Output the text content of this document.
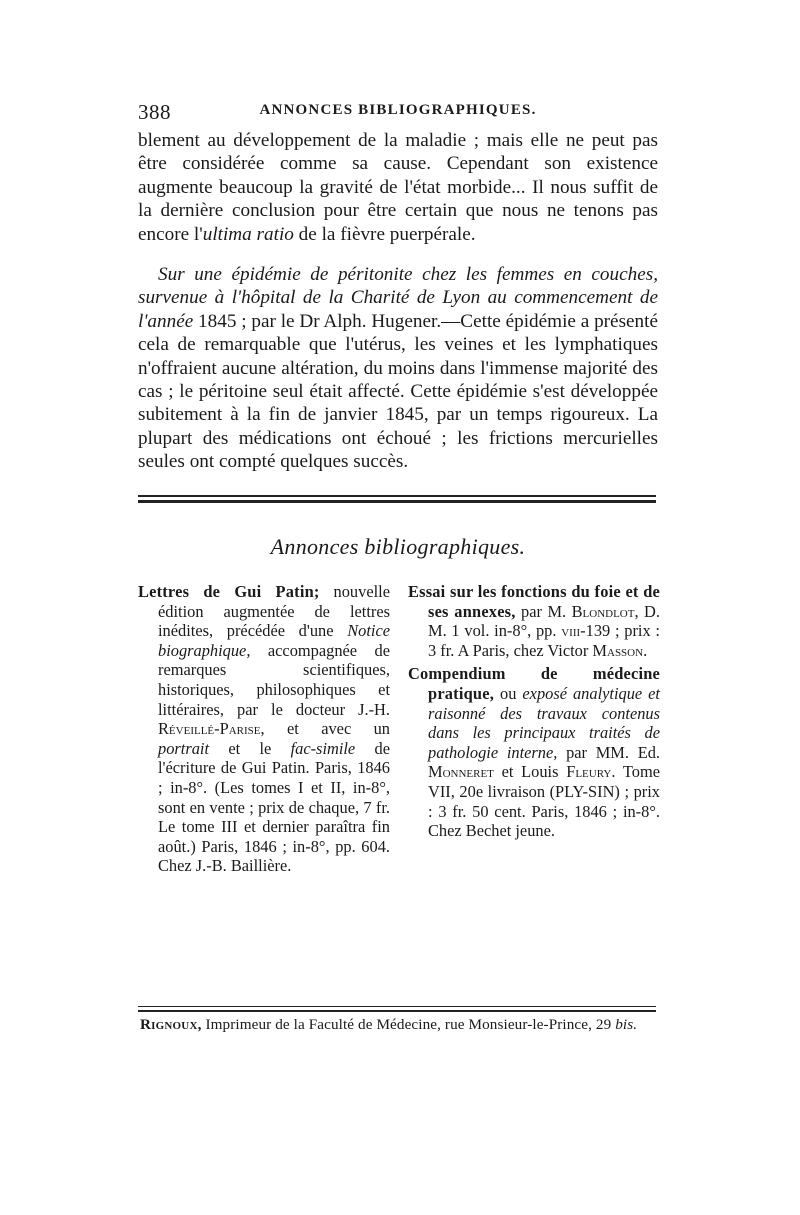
388	ANNONCES BIBLIOGRAPHIQUES.
blement au développement de la maladie ; mais elle ne peut pas être considérée comme sa cause. Cependant son existence augmente beaucoup la gravité de l'état morbide... Il nous suffit de la dernière conclusion pour être certain que nous ne tenons pas encore l'ultima ratio de la fièvre puerpérale.
Sur une épidémie de péritonite chez les femmes en couches, survenue à l'hôpital de la Charité de Lyon au commencement de l'année 1845 ; par le Dr Alph. Hugener.—Cette épidémie a présenté cela de remarquable que l'utérus, les veines et les lymphatiques n'offraient aucune altération, du moins dans l'immense majorité des cas ; le péritoine seul était affecté. Cette épidémie s'est développée subitement à la fin de janvier 1845, par un temps rigoureux. La plupart des médications ont échoué ; les frictions mercurielles seules ont compté quelques succès.
Annonces bibliographiques.

Lettres de Gui Patin; nouvelle édition augmentée de lettres inédites, précédée d'une Notice biographique, accompagnée de remarques scientifiques, historiques, philosophiques et littéraires, par le docteur J.-H. Réveillé-Parise, et avec un portrait et le fac-simile de l'écriture de Gui Patin. Paris, 1846 ; in-8°. (Les tomes I et II, in-8°, sont en vente ; prix de chaque, 7 fr. Le tome III et dernier paraîtra fin août.) Paris, 1846 ; in-8°, pp. 604. Chez J.-B. Baillière.

Essai sur les fonctions du foie et de ses annexes, par M. Blondlot, D. M. 1 vol. in-8°, pp. viii-139 ; prix : 3 fr. A Paris, chez Victor Masson.

Compendium de médecine pratique, ou exposé analytique et raisonné des travaux contenus dans les principaux traités de pathologie interne, par MM. Ed. Monneret et Louis Fleury. Tome VII, 20e livraison (PLY-SIN) ; prix : 3 fr. 50 cent. Paris, 1846 ; in-8°. Chez Bechet jeune.

Rignoux, Imprimeur de la Faculté de Médecine, rue Monsieur-le-Prince, 29 bis.
